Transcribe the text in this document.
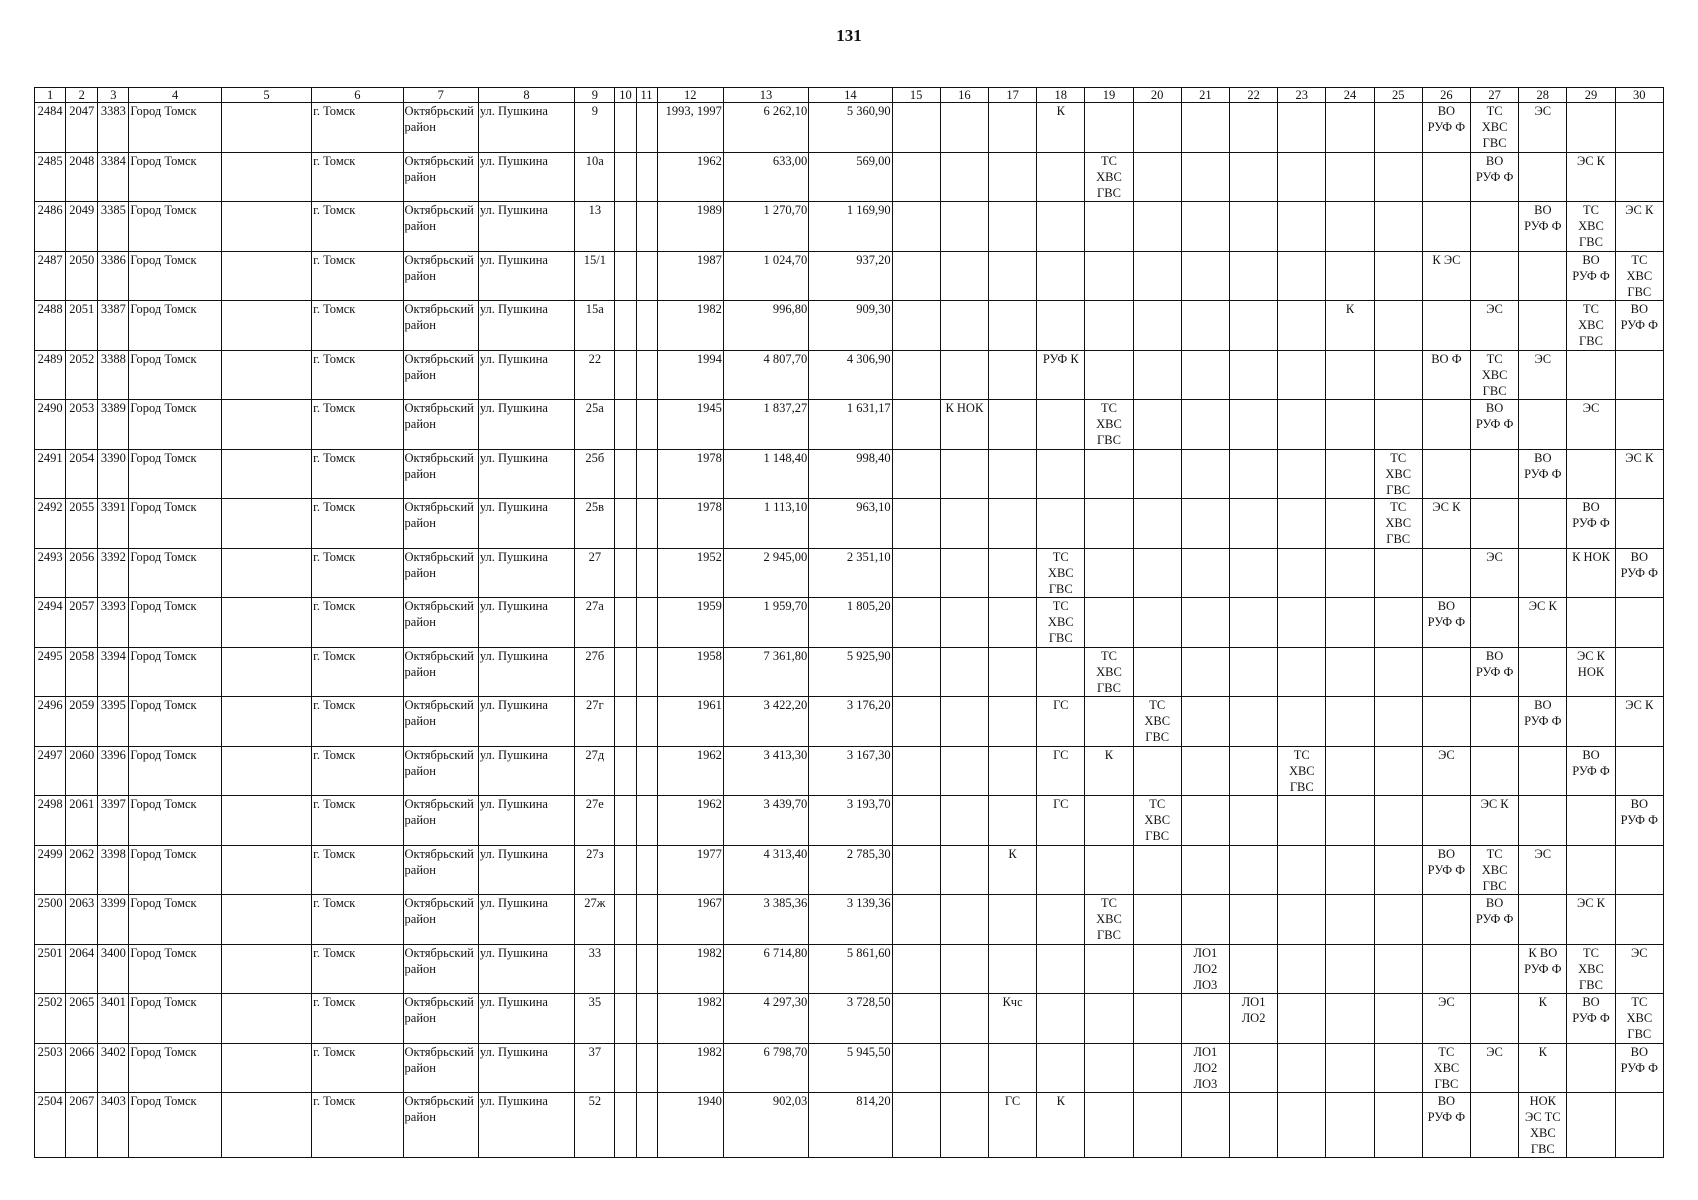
131
1	2	3	4	5	6	7	8	9	10	11	12	13	14	15	16	17	18	19	20	21	22	23	24	25	26	27	28	29	30
2484	2047	3383	Город Томск		г. Томск	Октябрьский район	ул. Пушкина	9			1993, 1997	6 262,10	5 360,90				К								ВО
РУФ Ф	ТС
ХВС
ГВС	ЭС		
2485	2048	3384	Город Томск		г. Томск	Октябрьский район	ул. Пушкина	10а			1962	633,00	569,00					ТС
ХВС
ГВС								ВО
РУФ Ф		ЭС К	
2486	2049	3385	Город Томск		г. Томск	Октябрьский район	ул. Пушкина	13			1989	1 270,70	1 169,90														ВО
РУФ Ф	ТС
ХВС
ГВС	ЭС К
2487	2050	3386	Город Томск		г. Томск	Октябрьский район	ул. Пушкина	15/1			1987	1 024,70	937,20												К ЭС			ВО
РУФ Ф	ТС
ХВС
ГВС
2488	2051	3387	Город Томск		г. Томск	Октябрьский район	ул. Пушкина	15а			1982	996,80	909,30										К			ЭС		ТС
ХВС
ГВС	ВО
РУФ Ф
2489	2052	3388	Город Томск		г. Томск	Октябрьский район	ул. Пушкина	22			1994	4 807,70	4 306,90				РУФ К								ВО Ф	ТС
ХВС
ГВС	ЭС		
2490	2053	3389	Город Томск		г. Томск	Октябрьский район	ул. Пушкина	25а			1945	1 837,27	1 631,17		К НОК			ТС
ХВС
ГВС								ВО
РУФ Ф		ЭС	
2491	2054	3390	Город Томск		г. Томск	Октябрьский район	ул. Пушкина	25б			1978	1 148,40	998,40											ТС
ХВС
ГВС			ВО
РУФ Ф		ЭС К
2492	2055	3391	Город Томск		г. Томск	Октябрьский район	ул. Пушкина	25в			1978	1 113,10	963,10											ТС
ХВС
ГВС	ЭС К			ВО
РУФ Ф	
2493	2056	3392	Город Томск		г. Томск	Октябрьский район	ул. Пушкина	27			1952	2 945,00	2 351,10				ТС
ХВС
ГВС									ЭС		К НОК	ВО
РУФ Ф
2494	2057	3393	Город Томск		г. Томск	Октябрьский район	ул. Пушкина	27а			1959	1 959,70	1 805,20				ТС
ХВС
ГВС								ВО
РУФ Ф		ЭС К		
2495	2058	3394	Город Томск		г. Томск	Октябрьский район	ул. Пушкина	27б			1958	7 361,80	5 925,90					ТС
ХВС
ГВС								ВО
РУФ Ф		ЭС К
НОК	
2496	2059	3395	Город Томск		г. Томск	Октябрьский район	ул. Пушкина	27г			1961	3 422,20	3 176,20				ГС		ТС
ХВС
ГВС								ВО
РУФ Ф		ЭС К
2497	2060	3396	Город Томск		г. Томск	Октябрьский район	ул. Пушкина	27д			1962	3 413,30	3 167,30				ГС	К				ТС
ХВС
ГВС			ЭС			ВО
РУФ Ф	
2498	2061	3397	Город Томск		г. Томск	Октябрьский район	ул. Пушкина	27е			1962	3 439,70	3 193,70				ГС		ТС
ХВС
ГВС							ЭС К			ВО
РУФ Ф
2499	2062	3398	Город Томск		г. Томск	Октябрьский район	ул. Пушкина	27з			1977	4 313,40	2 785,30			К									ВО
РУФ Ф	ТС
ХВС
ГВС	ЭС		
2500	2063	3399	Город Томск		г. Томск	Октябрьский район	ул. Пушкина	27ж			1967	3 385,36	3 139,36					ТС
ХВС
ГВС								ВО
РУФ Ф		ЭС К	
2501	2064	3400	Город Томск		г. Томск	Октябрьский район	ул. Пушкина	33			1982	6 714,80	5 861,60							ЛО1
ЛО2
ЛО3							К ВО
РУФ Ф	ТС
ХВС
ГВС	ЭС
2502	2065	3401	Город Томск		г. Томск	Октябрьский район	ул. Пушкина	35			1982	4 297,30	3 728,50			Кчс					ЛО1
ЛО2				ЭС		К	ВО
РУФ Ф	ТС
ХВС
ГВС
2503	2066	3402	Город Томск		г. Томск	Октябрьский район	ул. Пушкина	37			1982	6 798,70	5 945,50							ЛО1
ЛО2
ЛО3					ТС
ХВС
ГВС	ЭС	К		ВО
РУФ Ф
2504	2067	3403	Город Томск		г. Томск	Октябрьский район	ул. Пушкина	52			1940	902,03	814,20			ГС	К								ВО
РУФ Ф		НОК
ЭС ТС
ХВС
ГВС		
